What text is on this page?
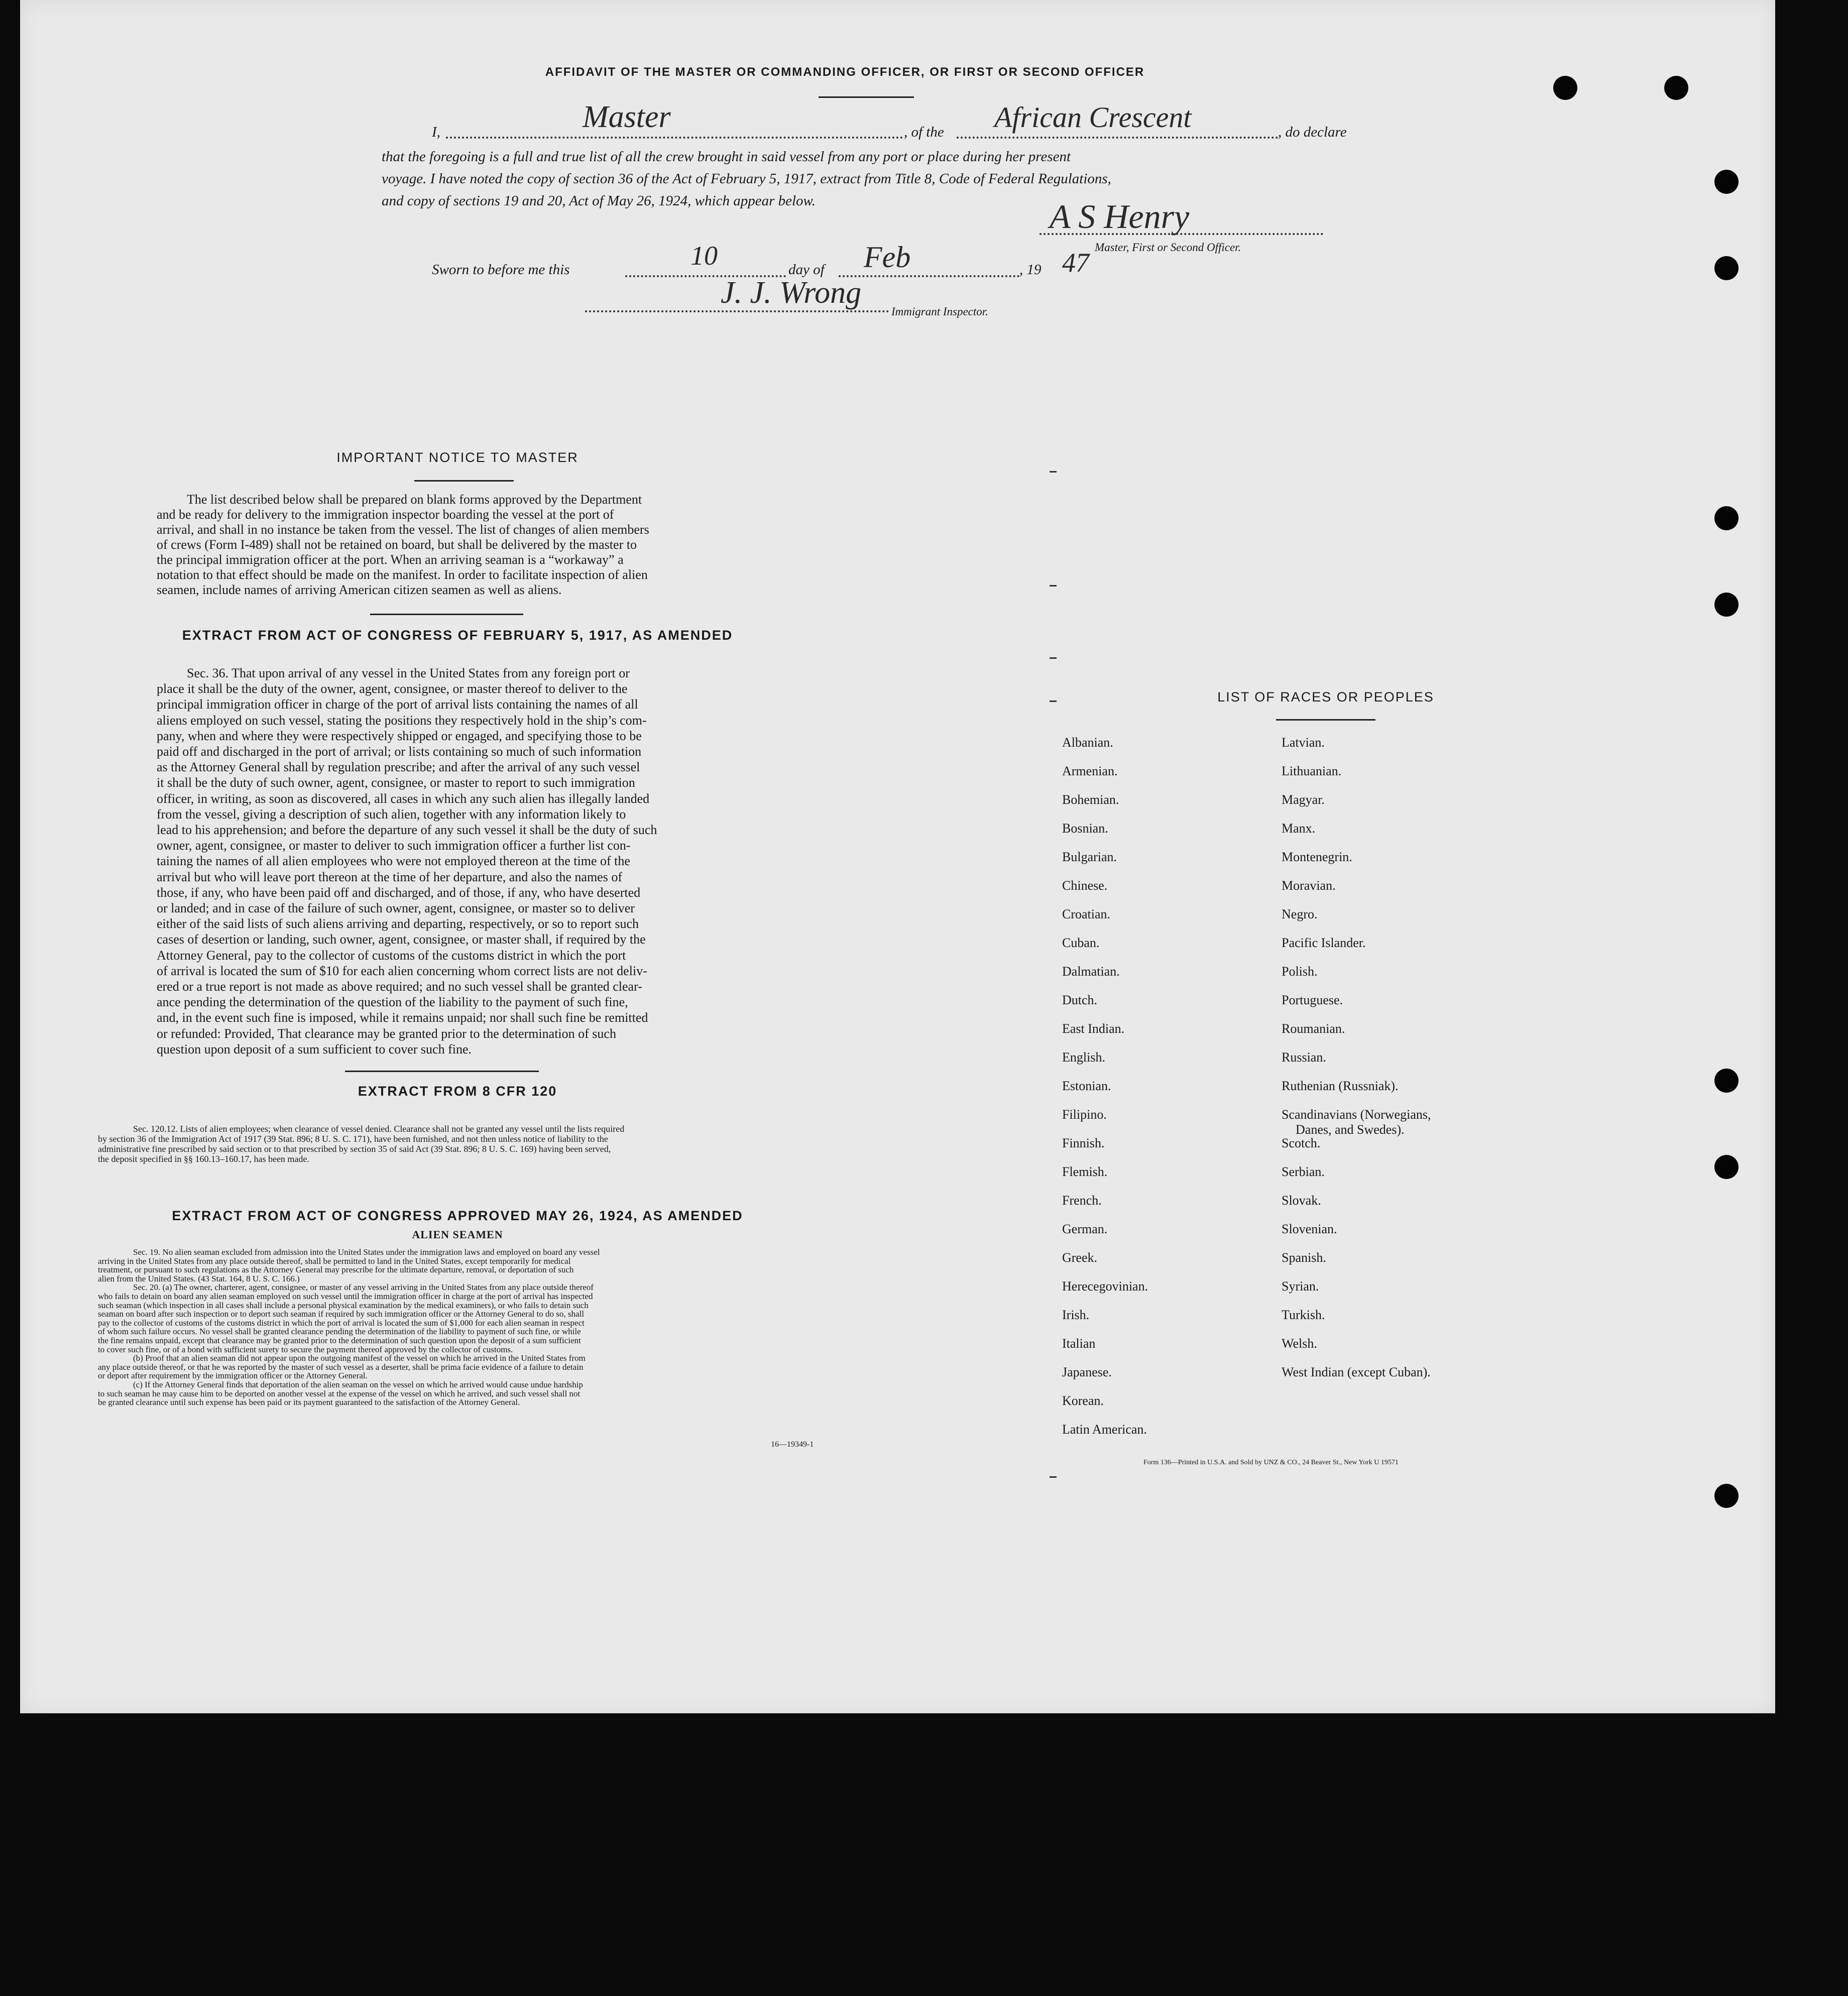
AFFIDAVIT OF THE MASTER OR COMMANDING OFFICER, OR FIRST OR SECOND OFFICER
I,	Master	, of the African Crescent	, do declare
that the foregoing is a full and true list of all the crew brought in said vessel from any port or place during her present
voyage. I have noted the copy of section 36 of the Act of February 5, 1917, extract from Title 8, Code of Federal Regulations,
and copy of sections 19 and 20, Act of May 26, 1924, which appear below.	A S Henry
Master, First or Second Officer.
Sworn to before me this	10	day of Feb	, 19 47
J. J. Wrong
Immigrant Inspector.
IMPORTANT NOTICE TO MASTER
The list described below shall be prepared on blank forms approved by the Department
and be ready for delivery to the immigration inspector boarding the vessel at the port of
arrival, and shall in no instance be taken from the vessel. The list of changes of alien members
of crews (Form I-489) shall not be retained on board, but shall be delivered by the master to
the principal immigration officer at the port. When an arriving seaman is a “workaway” a
notation to that effect should be made on the manifest. In order to facilitate inspection of alien
seamen, include names of arriving American citizen seamen as well as aliens.
EXTRACT FROM ACT OF CONGRESS OF FEBRUARY 5, 1917, AS AMENDED
Sec. 36. That upon arrival of any vessel in the United States from any foreign port or
place it shall be the duty of the owner, agent, consignee, or master thereof to deliver to the
principal immigration officer in charge of the port of arrival lists containing the names of all
aliens employed on such vessel, stating the positions they respectively hold in the ship’s com-
pany, when and where they were respectively shipped or engaged, and specifying those to be
paid off and discharged in the port of arrival; or lists containing so much of such information
as the Attorney General shall by regulation prescribe; and after the arrival of any such vessel
it shall be the duty of such owner, agent, consignee, or master to report to such immigration
officer, in writing, as soon as discovered, all cases in which any such alien has illegally landed
from the vessel, giving a description of such alien, together with any information likely to
lead to his apprehension; and before the departure of any such vessel it shall be the duty of such
owner, agent, consignee, or master to deliver to such immigration officer a further list con-
taining the names of all alien employees who were not employed thereon at the time of the
arrival but who will leave port thereon at the time of her departure, and also the names of
those, if any, who have been paid off and discharged, and of those, if any, who have deserted
or landed; and in case of the failure of such owner, agent, consignee, or master so to deliver
either of the said lists of such aliens arriving and departing, respectively, or so to report such
cases of desertion or landing, such owner, agent, consignee, or master shall, if required by the
Attorney General, pay to the collector of customs of the customs district in which the port
of arrival is located the sum of $10 for each alien concerning whom correct lists are not deliv-
ered or a true report is not made as above required; and no such vessel shall be granted clear-
ance pending the determination of the question of the liability to the payment of such fine,
and, in the event such fine is imposed, while it remains unpaid; nor shall such fine be remitted
or refunded: Provided, That clearance may be granted prior to the determination of such
question upon deposit of a sum sufficient to cover such fine.
EXTRACT FROM 8 CFR 120
Sec. 120.12. Lists of alien employees; when clearance of vessel denied. Clearance shall not be granted any vessel until the lists required
by section 36 of the Immigration Act of 1917 (39 Stat. 896; 8 U. S. C. 171), have been furnished, and not then unless notice of liability to the
administrative fine prescribed by said section or to that prescribed by section 35 of said Act (39 Stat. 896; 8 U. S. C. 169) having been served,
the deposit specified in §§ 160.13–160.17, has been made.
EXTRACT FROM ACT OF CONGRESS APPROVED MAY 26, 1924, AS AMENDED
ALIEN SEAMEN
Sec. 19. No alien seaman excluded from admission into the United States under the immigration laws and employed on board any vessel
arriving in the United States from any place outside thereof, shall be permitted to land in the United States, except temporarily for medical
treatment, or pursuant to such regulations as the Attorney General may prescribe for the ultimate departure, removal, or deportation of such
alien from the United States. (43 Stat. 164, 8 U. S. C. 166.)
Sec. 20. (a) The owner, charterer, agent, consignee, or master of any vessel arriving in the United States from any place outside thereof
who fails to detain on board any alien seaman employed on such vessel until the immigration officer in charge at the port of arrival has inspected
such seaman (which inspection in all cases shall include a personal physical examination by the medical examiners), or who fails to detain such
seaman on board after such inspection or to deport such seaman if required by such immigration officer or the Attorney General to do so, shall
pay to the collector of customs of the customs district in which the port of arrival is located the sum of $1,000 for each alien seaman in respect
of whom such failure occurs. No vessel shall be granted clearance pending the determination of the liability to payment of such fine, or while
the fine remains unpaid, except that clearance may be granted prior to the determination of such question upon the deposit of a sum sufficient
to cover such fine, or of a bond with sufficient surety to secure the payment thereof approved by the collector of customs.
(b) Proof that an alien seaman did not appear upon the outgoing manifest of the vessel on which he arrived in the United States from
any place outside thereof, or that he was reported by the master of such vessel as a deserter, shall be prima facie evidence of a failure to detain
or deport after requirement by the immigration officer or the Attorney General.
(c) If the Attorney General finds that deportation of the alien seaman on the vessel on which he arrived would cause undue hardship
to such seaman he may cause him to be deported on another vessel at the expense of the vessel on which he arrived, and such vessel shall not
be granted clearance until such expense has been paid or its payment guaranteed to the satisfaction of the Attorney General.
16—19349-1
LIST OF RACES OR PEOPLES
Form 136—Printed in U.S.A. and Sold by UNZ & CO., 24 Beaver St., New York U 19571
Albanian.
Armenian.
Bohemian.
Bosnian.
Bulgarian.
Chinese.
Croatian.
Cuban.
Dalmatian.
Dutch.
East Indian.
English.
Estonian.
Filipino.
Finnish.
Flemish.
French.
German.
Greek.
Herecegovinian.
Irish.
Italian
Japanese.
Korean.
Latin American.
Latvian.
Lithuanian.
Magyar.
Manx.
Montenegrin.
Moravian.
Negro.
Pacific Islander.
Polish.
Portuguese.
Roumanian.
Russian.
Ruthenian (Russniak).
Scandinavians (Norwegians,
Danes, and Swedes).
Scotch.
Serbian.
Slovak.
Slovenian.
Spanish.
Syrian.
Turkish.
Welsh.
West Indian (except Cuban).
